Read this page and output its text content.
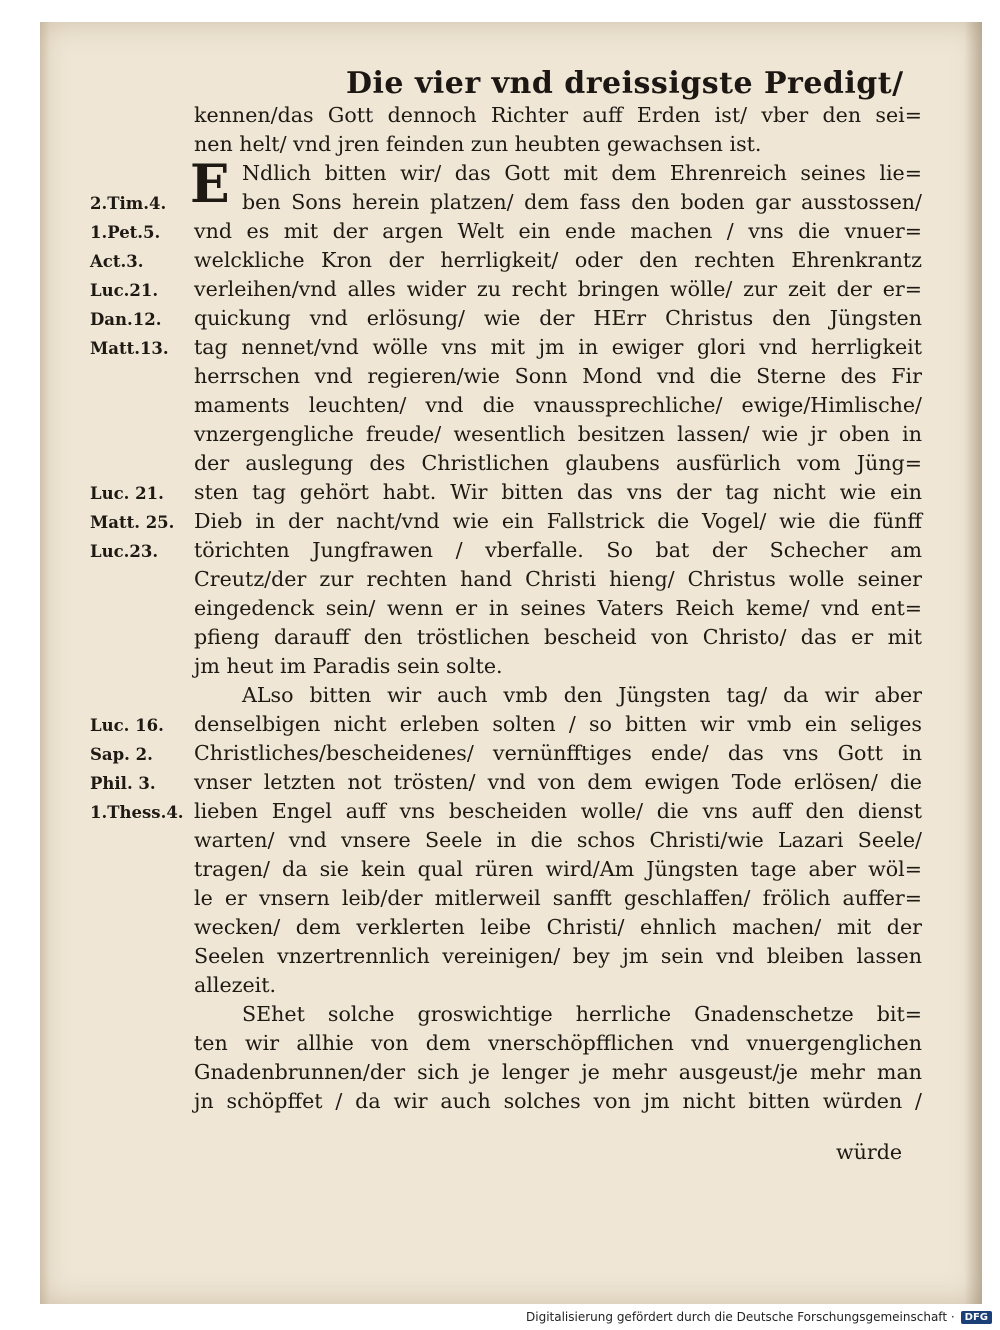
Die vier vnd dreissigste Predigt/
kennen/das Gott dennoch Richter auff Erden ist/ vber den sei=
nen helt/ vnd jren feinden zun heubten gewachsen ist.
E Ndlich bitten wir/ das Gott mit dem Ehrenreich seines lie=
ben Sons herein platzen/ dem fass den boden gar ausstossen/
vnd es mit der argen Welt ein ende machen / vns die vnuer=
welckliche Kron der herrligkeit/ oder den rechten Ehrenkrantz
verleihen/vnd alles wider zu recht bringen wölle/ zur zeit der er=
quickung vnd erlösung/ wie der HErr Christus den Jüngsten
tag nennet/vnd wölle vns mit jm in ewiger glori vnd herrligkeit
herrschen vnd regieren/wie Sonn Mond vnd die Sterne des Fir
maments leuchten/ vnd die vnaussprechliche/ ewige/Himlische/
vnzergengliche freude/ wesentlich besitzen lassen/ wie jr oben in
der auslegung des Christlichen glaubens ausfürlich vom Jüng=
sten tag gehört habt. Wir bitten das vns der tag nicht wie ein
Dieb in der nacht/vnd wie ein Fallstrick die Vogel/ wie die fünff
törichten Jungfrawen / vberfalle. So bat der Schecher am
Creutz/der zur rechten hand Christi hieng/ Christus wolle seiner
eingedenck sein/ wenn er in seines Vaters Reich keme/ vnd ent=
pfieng darauff den tröstlichen bescheid von Christo/ das er mit
jm heut im Paradis sein solte.
ALso bitten wir auch vmb den Jüngsten tag/ da wir aber
denselbigen nicht erleben solten / so bitten wir vmb ein seliges
Christliches/bescheidenes/ vernünfftiges ende/ das vns Gott in
vnser letzten not trösten/ vnd von dem ewigen Tode erlösen/ die
lieben Engel auff vns bescheiden wolle/ die vns auff den dienst
warten/ vnd vnsere Seele in die schos Christi/wie Lazari Seele/
tragen/ da sie kein qual rüren wird/Am Jüngsten tage aber wöl=
le er vnsern leib/der mitlerweil sanfft geschlaffen/ frölich auffer=
wecken/ dem verklerten leibe Christi/ ehnlich machen/ mit der
Seelen vnzertrennlich vereinigen/ bey jm sein vnd bleiben lassen
allezeit.
SEhet solche groswichtige herrliche Gnadenschetze bit=
ten wir allhie von dem vnerschöpfflichen vnd vnuergenglichen
Gnadenbrunnen/der sich je lenger je mehr ausgeust/je mehr man
jn schöpffet / da wir auch solches von jm nicht bitten würden /
2.Tim.4.
1.Pet.5.
Act.3.
Luc.21.
Dan.12.
Matt.13.
Luc. 21.
Matt. 25.
Luc.23.
Luc. 16.
Sap. 2.
Phil. 3.
1.Thess.4.
würde
Digitalisierung gefördert durch die Deutsche Forschungsgemeinschaft ·	DFG
